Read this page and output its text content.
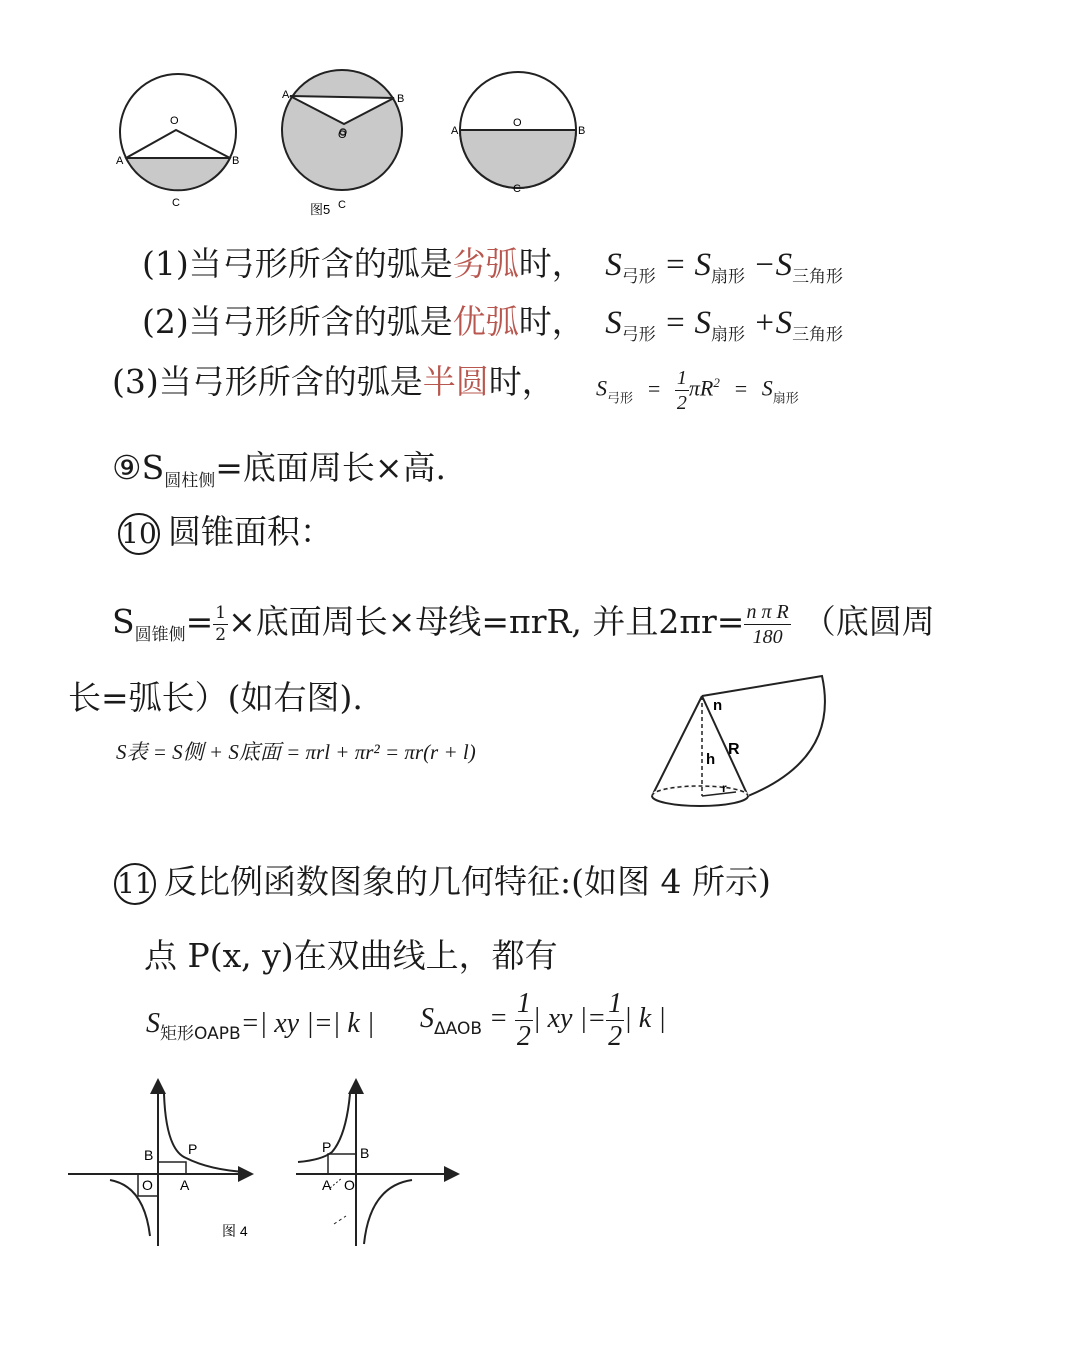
O
A	B
C
O
A	B
C
O
A	B
C
图5
(1)当弓形所含的弧是劣弧时， $S_{弓形} = S_{扇形} -S_{三角形}$
(2)当弓形所含的弧是优弧时， $S_{弓形} = S_{扇形} +S_{三角形}$
(3)当弓形所含的弧是半圆时， $S_{弓形} = \frac{1}{2} \pi R^2 = S_{扇形}$
$⑨S_{圆柱侧}=$底面周长×高.
10 圆锥面积：
$S_{圆锥侧}= \frac{1}{2}$ ×底面周长×母线=πrR, 并且$2\pi r= \frac{\text{n π R}}{180}$ （底圆周
长=弧长）(如右图).
S表 = S侧 + S底面 = πrl + πr² = πr(r + l)
n
h
R
r
11 反比例函数图象的几何特征:(如图 4 所示)
点 P(x, y)在双曲线上，都有
$S_{矩形OAPB}=|$ xy |=| k | $S_{\Delta AOB} = \frac{1}{2}$ | xy |= $\frac{1}{2}$ | k |
B P
O A
P B
A O
图 4
